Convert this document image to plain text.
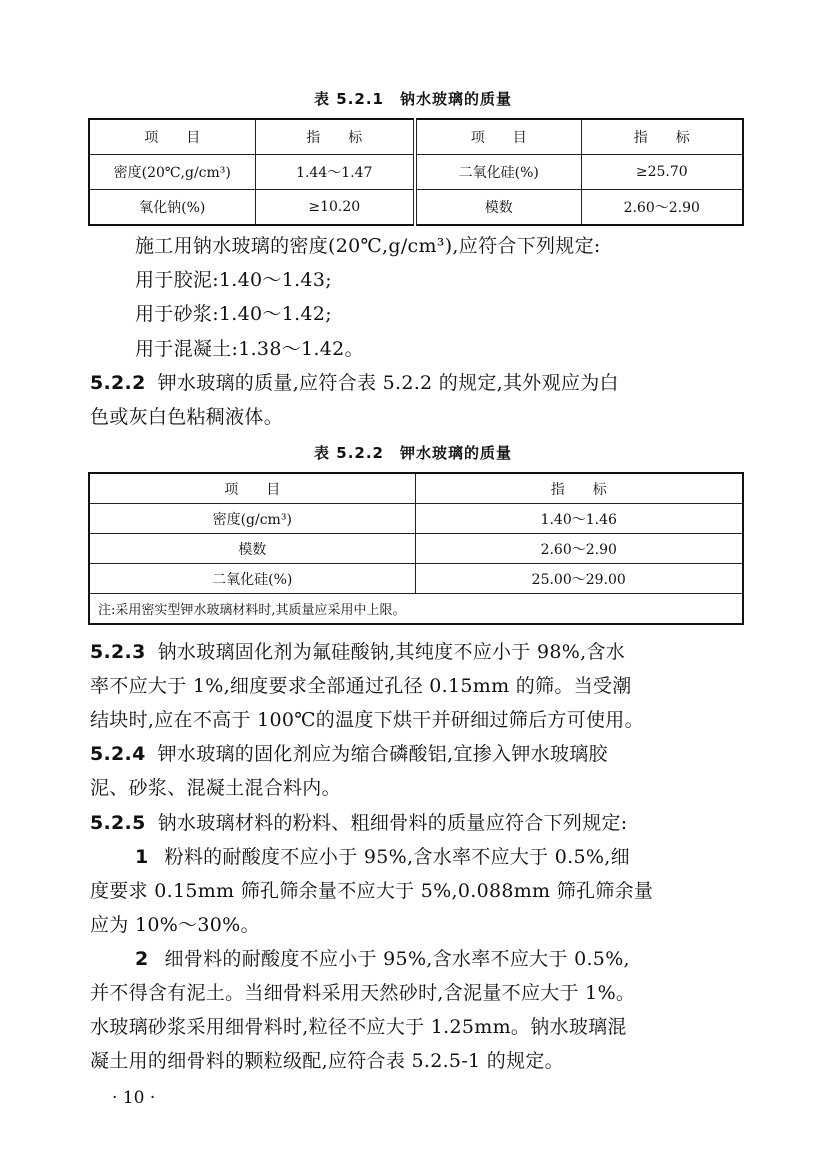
表 5.2.1　钠水玻璃的质量
项　　目	指　　标	项　　目	指　　标
密度(20℃,g/cm³)	1.44～1.47	二氧化硅(%)	≥25.70
氧化钠(%)	≥10.20	模数	2.60～2.90
施工用钠水玻璃的密度(20℃,g/cm³),应符合下列规定:
用于胶泥:1.40～1.43;
用于砂浆:1.40～1.42;
用于混凝土:1.38～1.42。
5.2.2 钾水玻璃的质量,应符合表 5.2.2 的规定,其外观应为白
色或灰白色粘稠液体。
表 5.2.2　钾水玻璃的质量
项　　目	指　　标
密度(g/cm³)	1.40～1.46
模数	2.60～2.90
二氧化硅(%)	25.00～29.00
注:采用密实型钾水玻璃材料时,其质量应采用中上限。	
5.2.3 钠水玻璃固化剂为氟硅酸钠,其纯度不应小于 98%,含水
率不应大于 1%,细度要求全部通过孔径 0.15mm 的筛。当受潮
结块时,应在不高于 100℃的温度下烘干并研细过筛后方可使用。
5.2.4 钾水玻璃的固化剂应为缩合磷酸铝,宜掺入钾水玻璃胶
泥、砂浆、混凝土混合料内。
5.2.5 钠水玻璃材料的粉料、粗细骨料的质量应符合下列规定:
1 粉料的耐酸度不应小于 95%,含水率不应大于 0.5%,细
度要求 0.15mm 筛孔筛余量不应大于 5%,0.088mm 筛孔筛余量
应为 10%～30%。
2 细骨料的耐酸度不应小于 95%,含水率不应大于 0.5%,
并不得含有泥土。当细骨料采用天然砂时,含泥量不应大于 1%。
水玻璃砂浆采用细骨料时,粒径不应大于 1.25mm。钠水玻璃混
凝土用的细骨料的颗粒级配,应符合表 5.2.5-1 的规定。
· 10 ·
